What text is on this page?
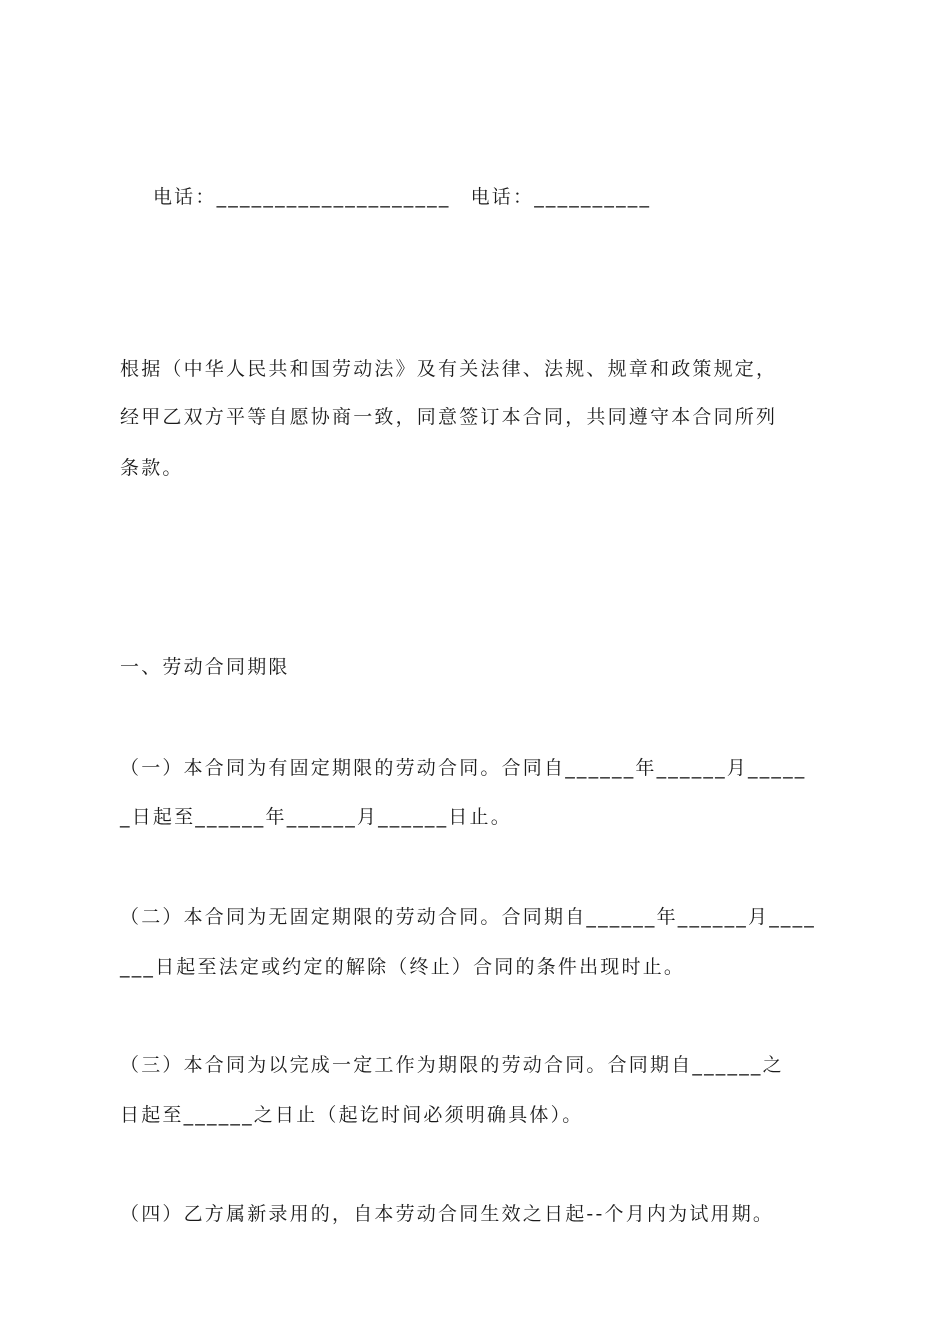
电话：____________________ 电话：__________

根据（中华人民共和国劳动法》及有关法律、法规、规章和政策规定，
经甲乙双方平等自愿协商一致，同意签订本合同，共同遵守本合同所列
条款。
一、劳动合同期限
（一）本合同为有固定期限的劳动合同。合同自______年______月_____
_日起至______年______月______日止。
（二）本合同为无固定期限的劳动合同。合同期自______年______月____
___日起至法定或约定的解除（终止）合同的条件出现时止。
（三）本合同为以完成一定工作为期限的劳动合同。合同期自______之
日起至______之日止（起讫时间必须明确具体）。
（四）乙方属新录用的，自本劳动合同生效之日起--个月内为试用期。
